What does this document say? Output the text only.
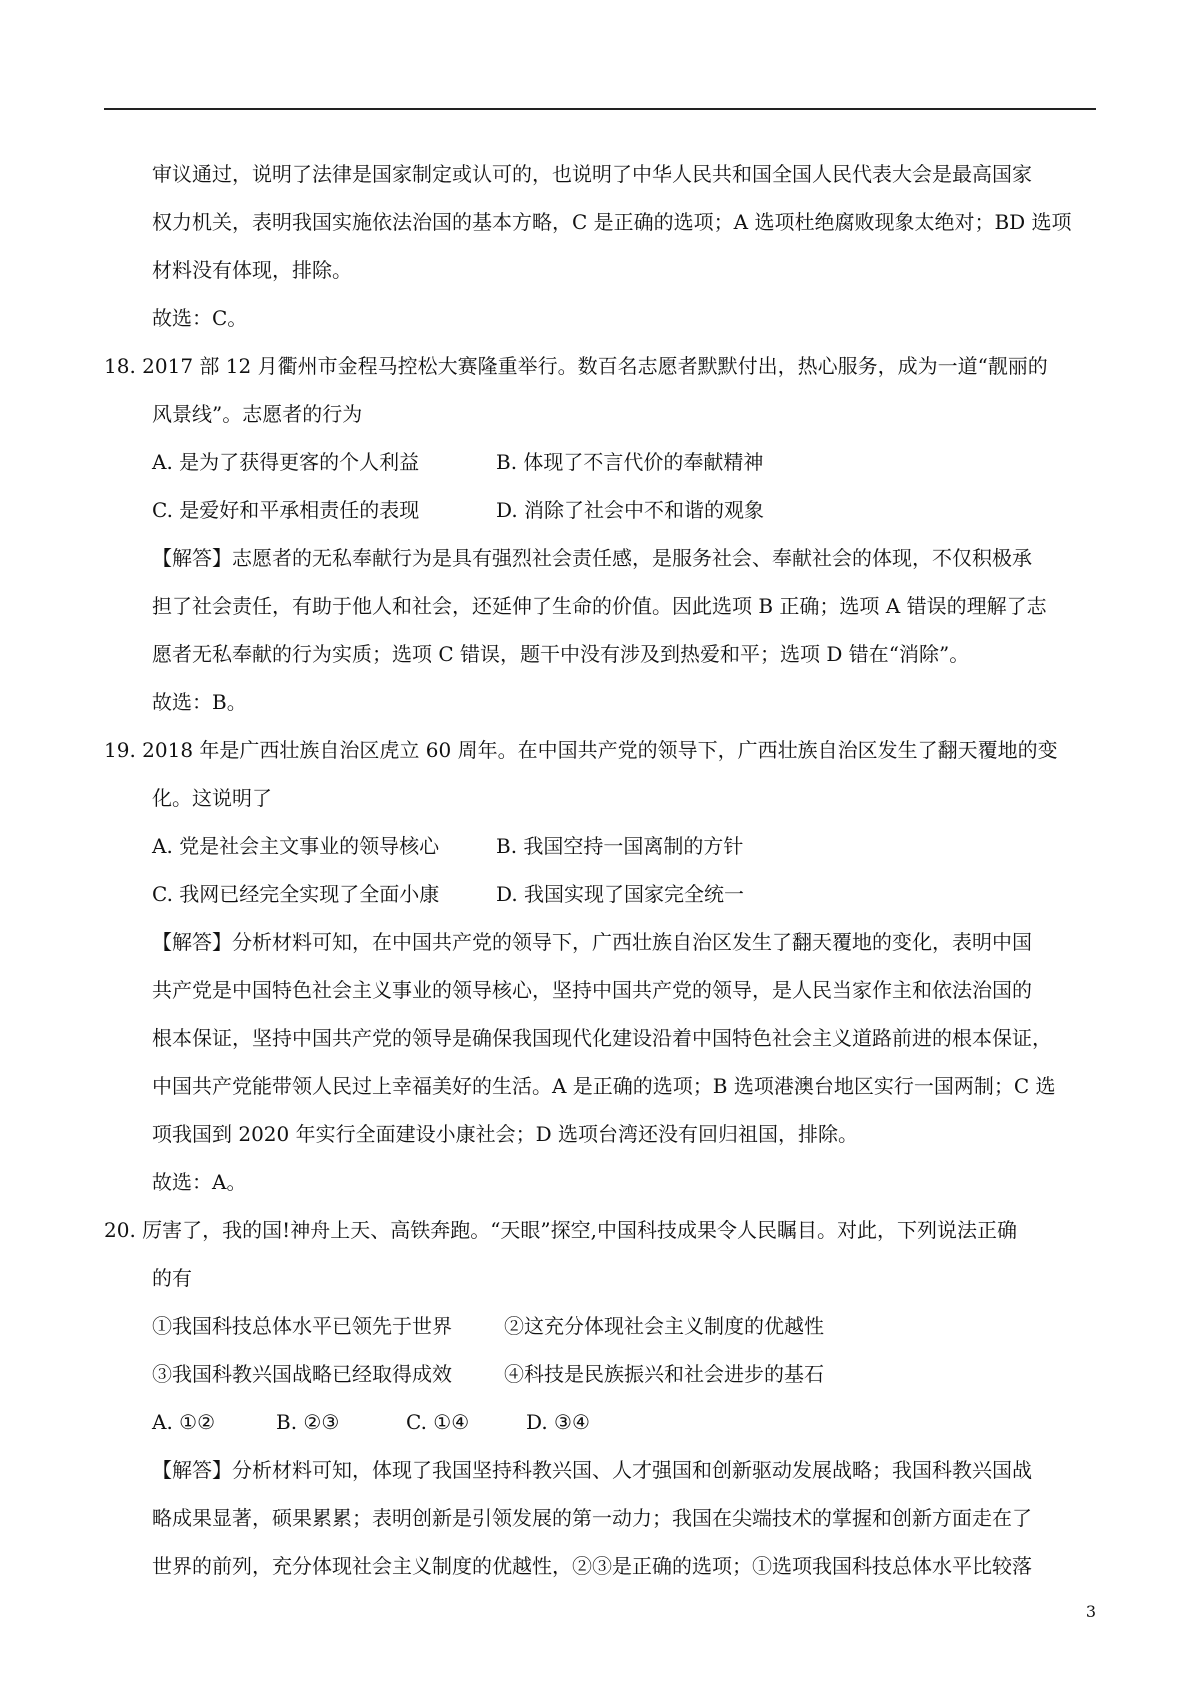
审议通过，说明了法律是国家制定或认可的，也说明了中华人民共和国全国人民代表大会是最高国家
权力机关，表明我国实施依法治国的基本方略，C 是正确的选项；A 选项杜绝腐败现象太绝对；BD 选项
材料没有体现，排除。
故选：C。
18. 2017 部 12 月衢州市金程马控松大赛隆重举行。数百名志愿者默默付出，热心服务，成为一道“靓丽的
风景线”。志愿者的行为
A. 是为了获得更客的个人利益	B. 体现了不言代价的奉献精神
C. 是爱好和平承相责任的表现	D. 消除了社会中不和谐的观象
【解答】志愿者的无私奉献行为是具有强烈社会责任感，是服务社会、奉献社会的体现，不仅积极承
担了社会责任，有助于他人和社会，还延伸了生命的价值。因此选项 B 正确；选项 A 错误的理解了志
愿者无私奉献的行为实质；选项 C 错误，题干中没有涉及到热爱和平；选项 D 错在“消除”。
故选：B。
19. 2018 年是广西壮族自治区虎立 60 周年。在中国共产党的领导下，广西壮族自治区发生了翻天覆地的变
化。这说明了
A. 党是社会主文事业的领导核心	B. 我国空持一国离制的方针
C. 我网已经完全实现了全面小康	D. 我国实现了国家完全统一
【解答】分析材料可知，在中国共产党的领导下，广西壮族自治区发生了翻天覆地的变化，表明中国
共产党是中国特色社会主义事业的领导核心，坚持中国共产党的领导，是人民当家作主和依法治国的
根本保证，坚持中国共产党的领导是确保我国现代化建设沿着中国特色社会主义道路前进的根本保证，
中国共产党能带领人民过上幸福美好的生活。A 是正确的选项；B 选项港澳台地区实行一国两制；C 选
项我国到 2020 年实行全面建设小康社会；D 选项台湾还没有回归祖国，排除。
故选：A。
20. 厉害了，我的国!神舟上天、高铁奔跑。“天眼”探空,中国科技成果令人民瞩目。对此，下列说法正确
的有
①我国科技总体水平已领先于世界	②这充分体现社会主义制度的优越性
③我国科教兴国战略已经取得成效	④科技是民族振兴和社会进步的基石
A. ①②	B. ②③	C. ①④	D. ③④
【解答】分析材料可知，体现了我国坚持科教兴国、人才强国和创新驱动发展战略；我国科教兴国战
略成果显著，硕果累累；表明创新是引领发展的第一动力；我国在尖端技术的掌握和创新方面走在了
世界的前列，充分体现社会主义制度的优越性，②③是正确的选项；①选项我国科技总体水平比较落
3
